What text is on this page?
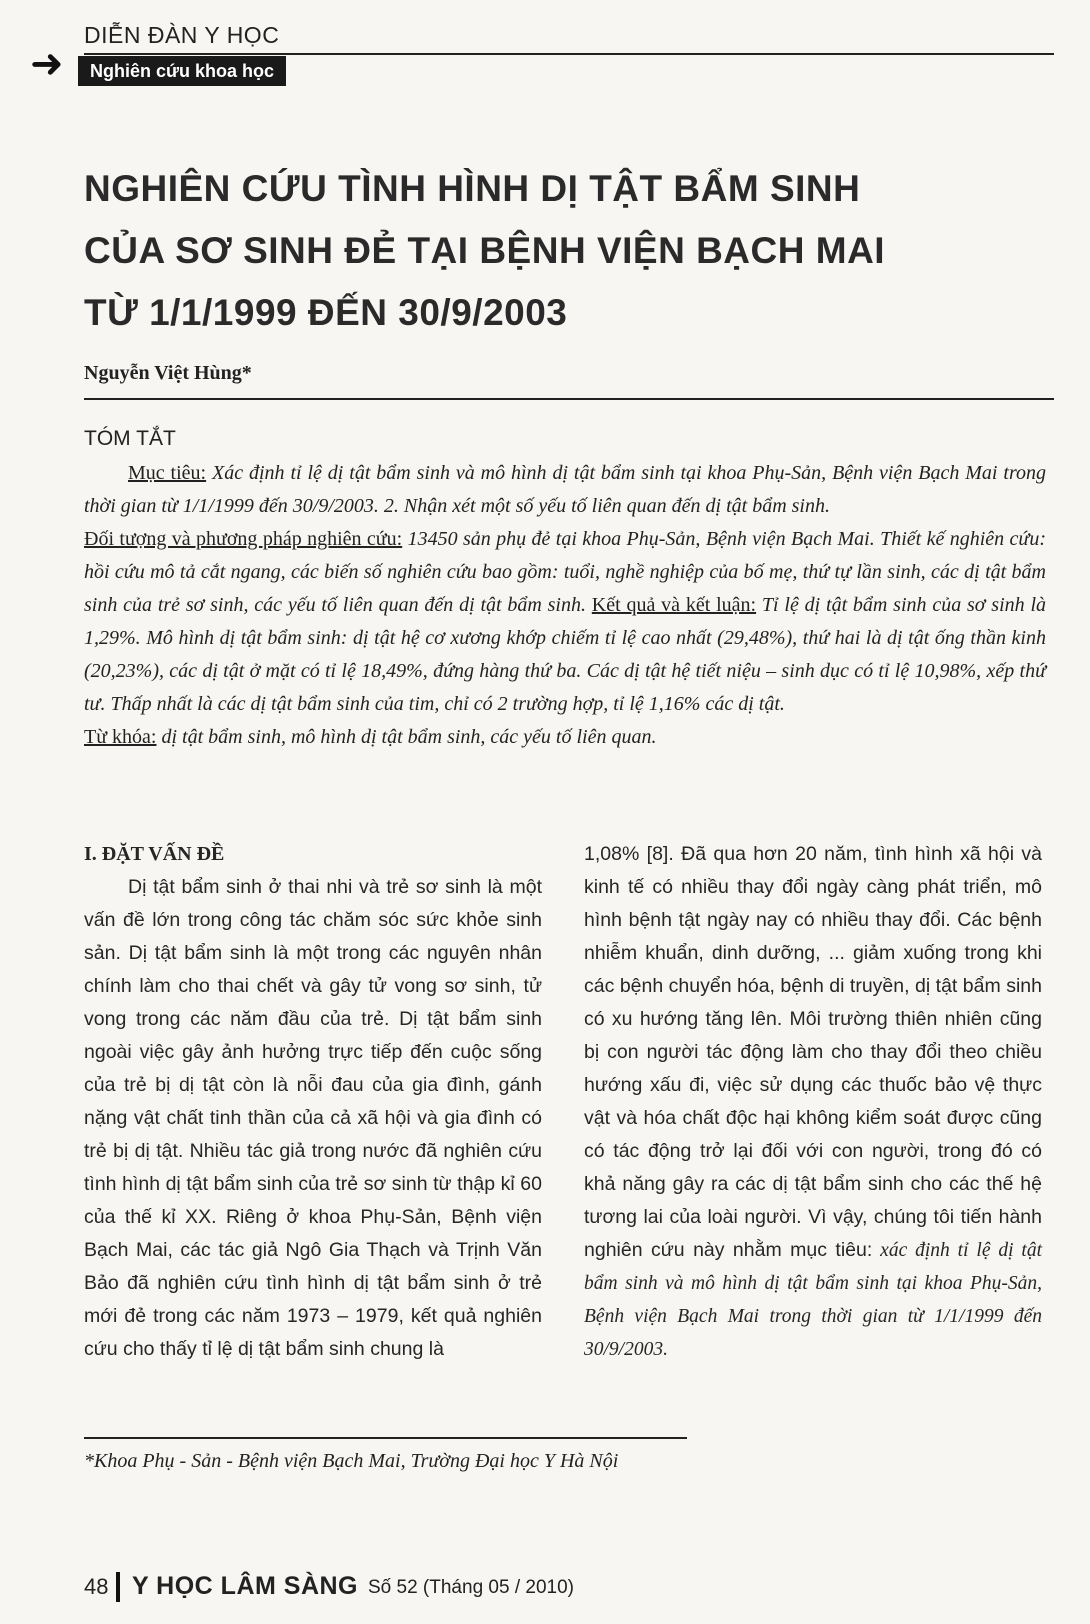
➜
DIỄN ĐÀN Y HỌC
Nghiên cứu khoa học
NGHIÊN CỨU TÌNH HÌNH DỊ TẬT BẨM SINH
CỦA SƠ SINH ĐẺ TẠI BỆNH VIỆN BẠCH MAI
TỪ 1/1/1999 ĐẾN 30/9/2003
Nguyễn Việt Hùng*
TÓM TẮT

Mục tiêu: Xác định tỉ lệ dị tật bẩm sinh và mô hình dị tật bẩm sinh tại khoa Phụ-Sản, Bệnh viện Bạch Mai trong thời gian từ 1/1/1999 đến 30/9/2003. 2. Nhận xét một số yếu tố liên quan đến dị tật bẩm sinh.

Đối tượng và phương pháp nghiên cứu: 13450 sản phụ đẻ tại khoa Phụ-Sản, Bệnh viện Bạch Mai. Thiết kế nghiên cứu: hồi cứu mô tả cắt ngang, các biến số nghiên cứu bao gồm: tuổi, nghề nghiệp của bố mẹ, thứ tự lần sinh, các dị tật bẩm sinh của trẻ sơ sinh, các yếu tố liên quan đến dị tật bẩm sinh. Kết quả và kết luận: Tỉ lệ dị tật bẩm sinh của sơ sinh là 1,29%. Mô hình dị tật bẩm sinh: dị tật hệ cơ xương khớp chiếm tỉ lệ cao nhất (29,48%), thứ hai là dị tật ống thần kinh (20,23%), các dị tật ở mặt có tỉ lệ 18,49%, đứng hàng thứ ba. Các dị tật hệ tiết niệu – sinh dục có tỉ lệ 10,98%, xếp thứ tư. Thấp nhất là các dị tật bẩm sinh của tim, chỉ có 2 trường hợp, tỉ lệ 1,16% các dị tật.

Từ khóa: dị tật bẩm sinh, mô hình dị tật bẩm sinh, các yếu tố liên quan.

I. ĐẶT VẤN ĐỀ

Dị tật bẩm sinh ở thai nhi và trẻ sơ sinh là một vấn đề lớn trong công tác chăm sóc sức khỏe sinh sản. Dị tật bẩm sinh là một trong các nguyên nhân chính làm cho thai chết và gây tử vong sơ sinh, tử vong trong các năm đầu của trẻ. Dị tật bẩm sinh ngoài việc gây ảnh hưởng trực tiếp đến cuộc sống của trẻ bị dị tật còn là nỗi đau của gia đình, gánh nặng vật chất tinh thần của cả xã hội và gia đình có trẻ bị dị tật. Nhiều tác giả trong nước đã nghiên cứu tình hình dị tật bẩm sinh của trẻ sơ sinh từ thập kỉ 60 của thế kỉ XX. Riêng ở khoa Phụ-Sản, Bệnh viện Bạch Mai, các tác giả Ngô Gia Thạch và Trịnh Văn Bảo đã nghiên cứu tình hình dị tật bẩm sinh ở trẻ mới đẻ trong các năm 1973 – 1979, kết quả nghiên cứu cho thấy tỉ lệ dị tật bẩm sinh chung là

1,08% [8]. Đã qua hơn 20 năm, tình hình xã hội và kinh tế có nhiều thay đổi ngày càng phát triển, mô hình bệnh tật ngày nay có nhiều thay đổi. Các bệnh nhiễm khuẩn, dinh dưỡng, ... giảm xuống trong khi các bệnh chuyển hóa, bệnh di truyền, dị tật bẩm sinh có xu hướng tăng lên. Môi trường thiên nhiên cũng bị con người tác động làm cho thay đổi theo chiều hướng xấu đi, việc sử dụng các thuốc bảo vệ thực vật và hóa chất độc hại không kiểm soát được cũng có tác động trở lại đối với con người, trong đó có khả năng gây ra các dị tật bẩm sinh cho các thế hệ tương lai của loài người. Vì vậy, chúng tôi tiến hành nghiên cứu này nhằm mục tiêu: xác định tỉ lệ dị tật bẩm sinh và mô hình dị tật bẩm sinh tại khoa Phụ-Sản, Bệnh viện Bạch Mai trong thời gian từ 1/1/1999 đến 30/9/2003.

*Khoa Phụ - Sản - Bệnh viện Bạch Mai, Trường Đại học Y Hà Nội
48 Y HỌC LÂM SÀNG Số 52 (Tháng 05 / 2010)
